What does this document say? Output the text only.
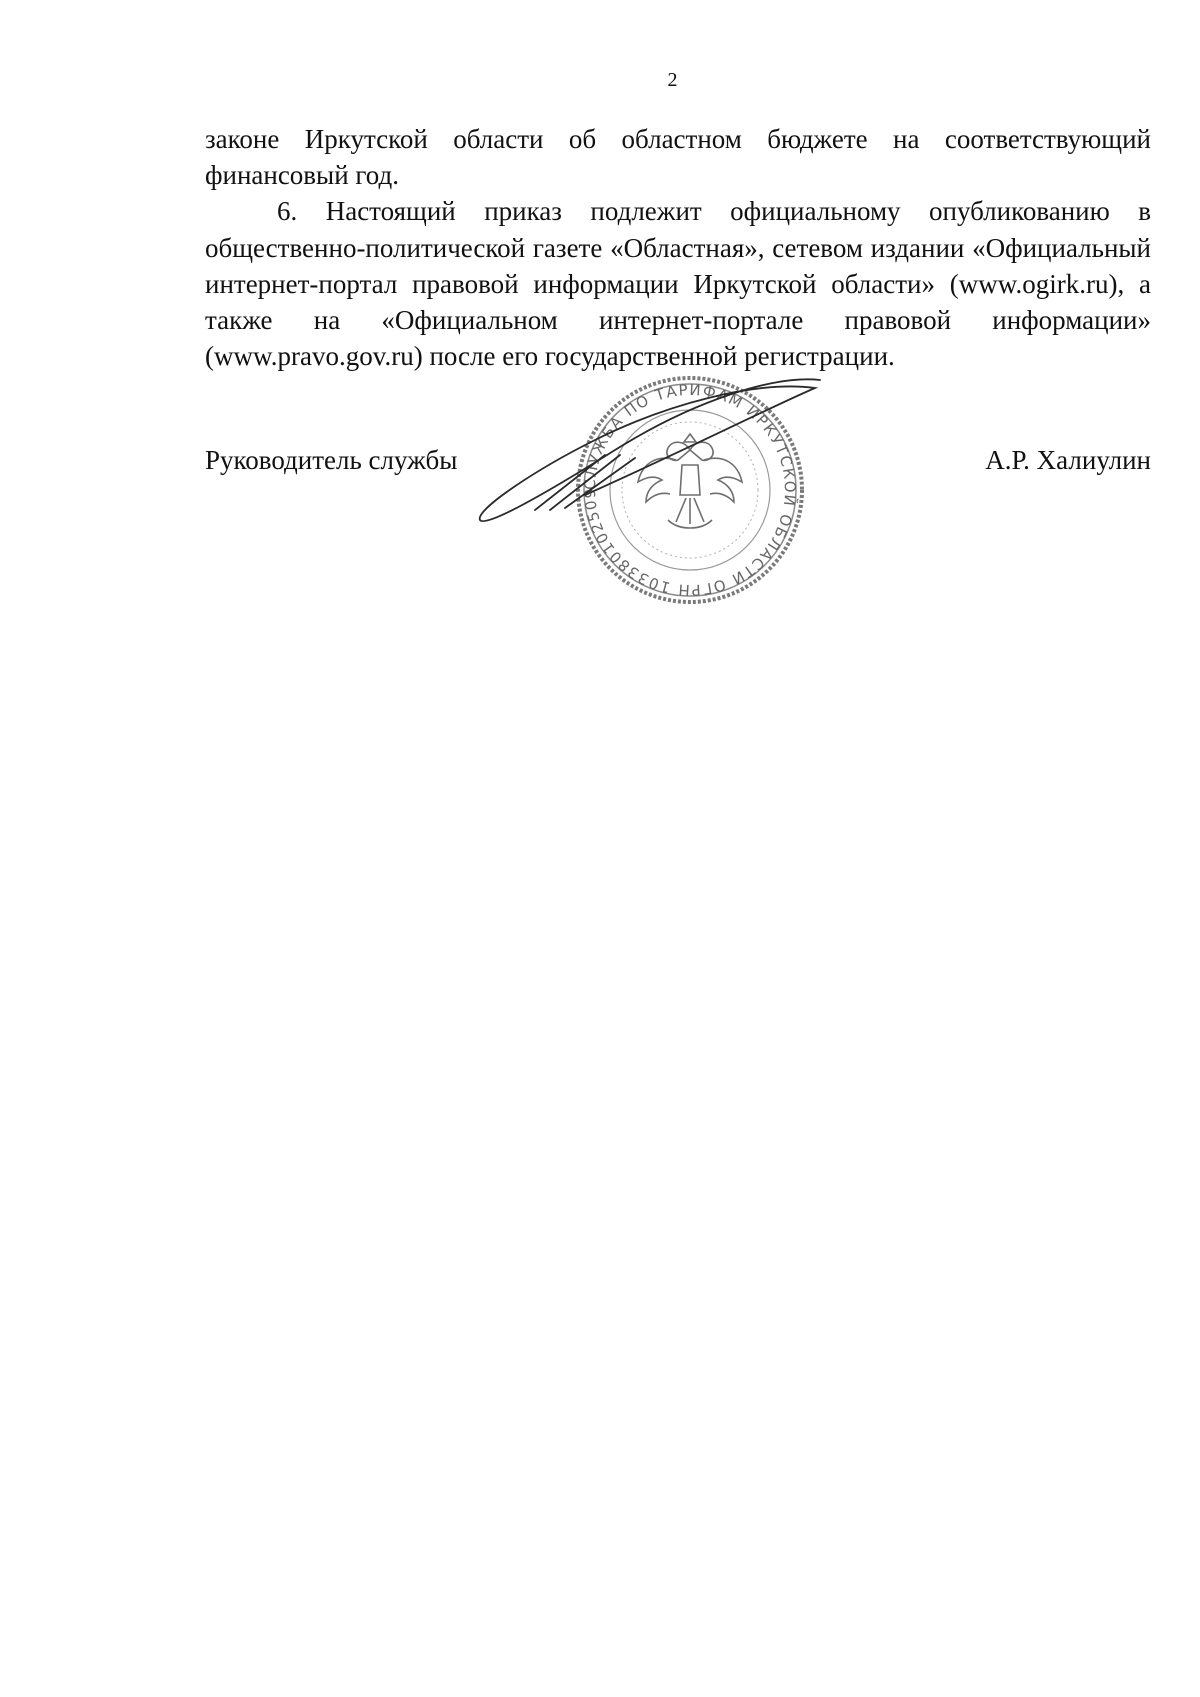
2

законе Иркутской области об областном бюджете на соответствующий финансовый год.

6. Настоящий приказ подлежит официальному опубликованию в общественно-политической газете «Областная», сетевом издании «Официальный интернет-портал правовой информации Иркутской области» (www.ogirk.ru), а также на «Официальном интернет-портале правовой информации» (www.pravo.gov.ru) после его государственной регистрации.

СЛУЖБА ПО ТАРИФАМ ИРКУТСКОЙ ОБЛАСТИ ОГРН 103380102509
Руководитель службы	А.Р. Халиулин
